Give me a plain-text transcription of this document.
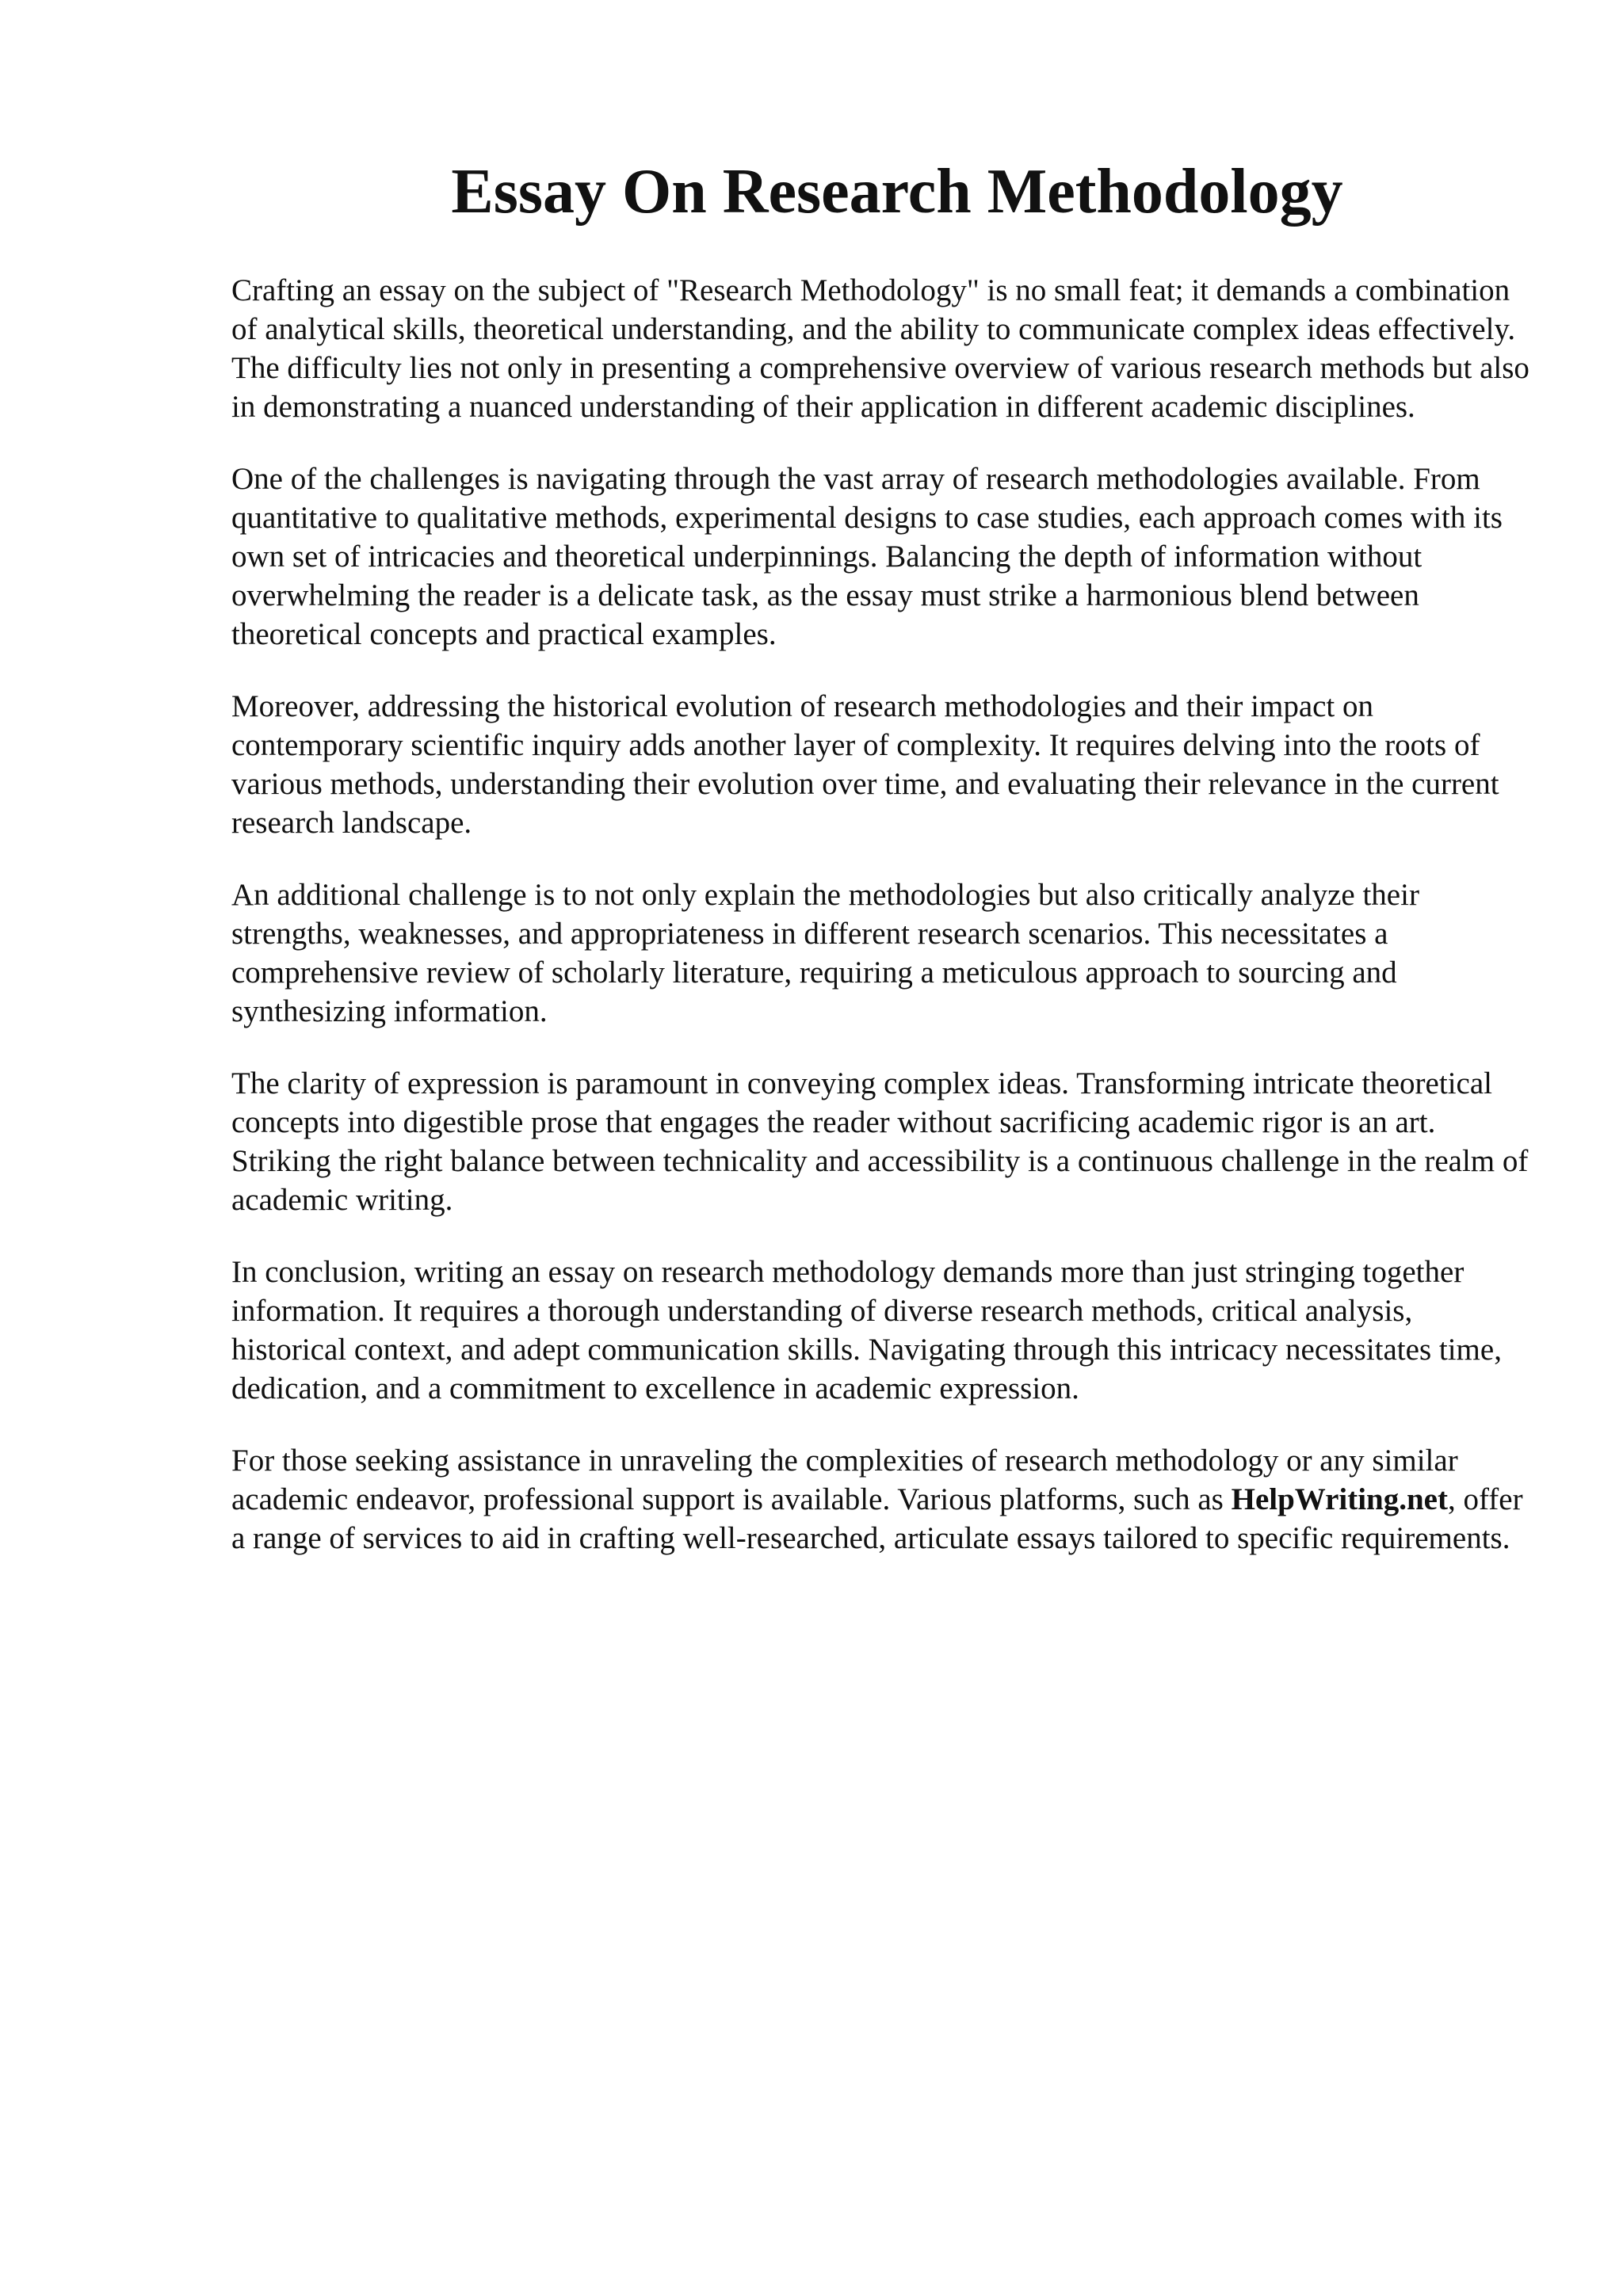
Essay On Research Methodology

Crafting an essay on the subject of "Research Methodology" is no small feat; it demands a combination of analytical skills, theoretical understanding, and the ability to communicate complex ideas effectively. The difficulty lies not only in presenting a comprehensive overview of various research methods but also in demonstrating a nuanced understanding of their application in different academic disciplines.

One of the challenges is navigating through the vast array of research methodologies available. From quantitative to qualitative methods, experimental designs to case studies, each approach comes with its own set of intricacies and theoretical underpinnings. Balancing the depth of information without overwhelming the reader is a delicate task, as the essay must strike a harmonious blend between theoretical concepts and practical examples.

Moreover, addressing the historical evolution of research methodologies and their impact on contemporary scientific inquiry adds another layer of complexity. It requires delving into the roots of various methods, understanding their evolution over time, and evaluating their relevance in the current research landscape.

An additional challenge is to not only explain the methodologies but also critically analyze their strengths, weaknesses, and appropriateness in different research scenarios. This necessitates a comprehensive review of scholarly literature, requiring a meticulous approach to sourcing and synthesizing information.

The clarity of expression is paramount in conveying complex ideas. Transforming intricate theoretical concepts into digestible prose that engages the reader without sacrificing academic rigor is an art. Striking the right balance between technicality and accessibility is a continuous challenge in the realm of academic writing.

In conclusion, writing an essay on research methodology demands more than just stringing together information. It requires a thorough understanding of diverse research methods, critical analysis, historical context, and adept communication skills. Navigating through this intricacy necessitates time, dedication, and a commitment to excellence in academic expression.

For those seeking assistance in unraveling the complexities of research methodology or any similar academic endeavor, professional support is available. Various platforms, such as HelpWriting.net, offer a range of services to aid in crafting well-researched, articulate essays tailored to specific requirements.
